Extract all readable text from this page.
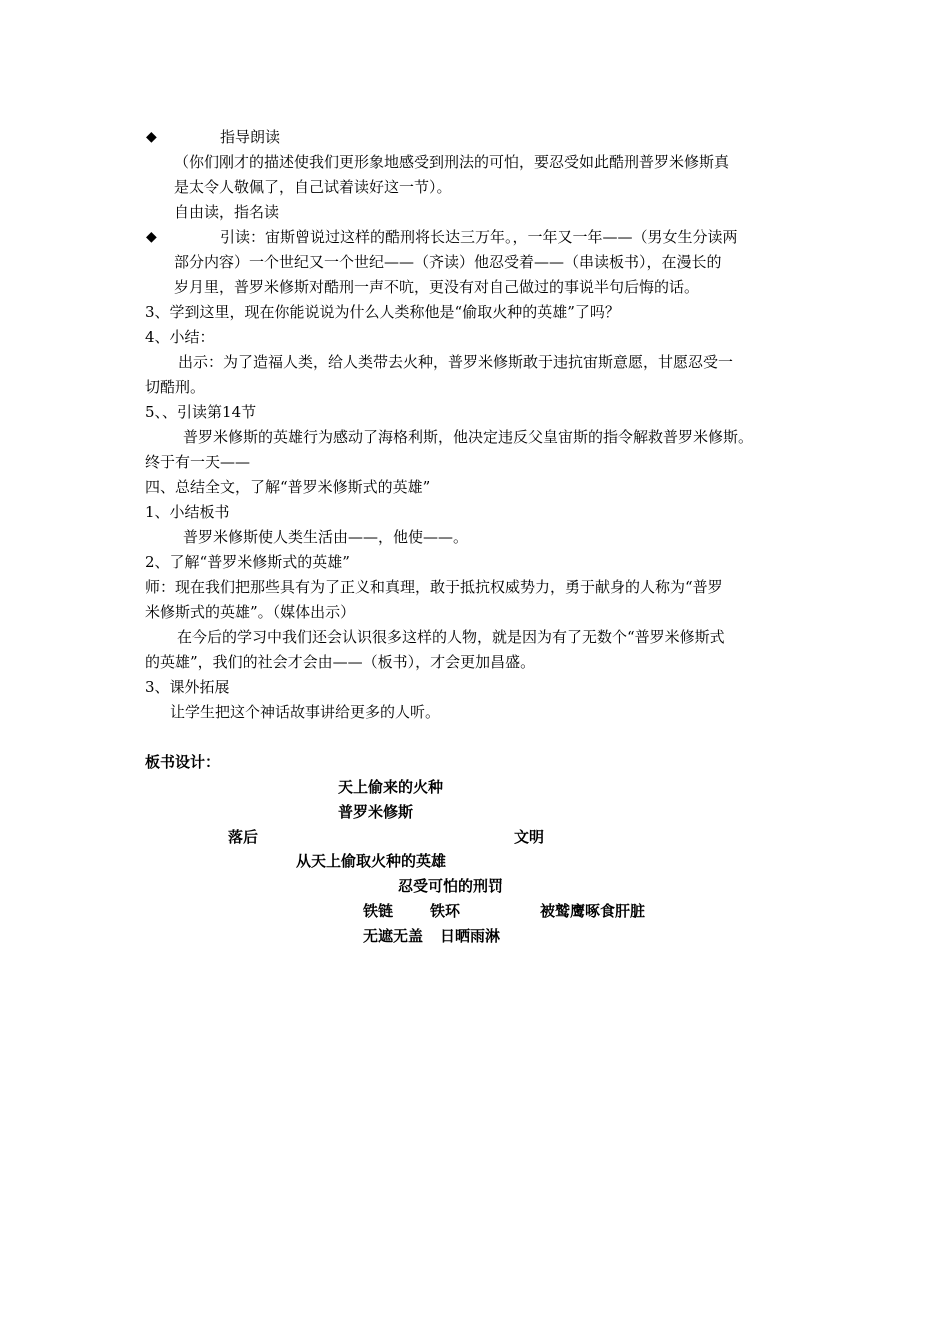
◆	指导朗读
（你们刚才的描述使我们更形象地感受到刑法的可怕，要忍受如此酷刑普罗米修斯真
是太令人敬佩了，自己试着读好这一节）。
自由读，指名读
◆	引读：宙斯曾说过这样的酷刑将长达三万年。，一年又一年——（男女生分读两
部分内容）一个世纪又一个世纪——（齐读）他忍受着——（串读板书），在漫长的
岁月里，普罗米修斯对酷刑一声不吭，更没有对自己做过的事说半句后悔的话。
3、学到这里，现在你能说说为什么人类称他是“偷取火种的英雄”了吗？
4、小结：
出示：为了造福人类，给人类带去火种，普罗米修斯敢于违抗宙斯意愿，甘愿忍受一
切酷刑。
5、、引读第14节
普罗米修斯的英雄行为感动了海格利斯，他决定违反父皇宙斯的指令解救普罗米修斯。
终于有一天——
四、总结全文，了解“普罗米修斯式的英雄”
1、小结板书
普罗米修斯使人类生活由——，他使——。
2、了解“普罗米修斯式的英雄”
师：现在我们把那些具有为了正义和真理，敢于抵抗权威势力，勇于献身的人称为“普罗
米修斯式的英雄”。（媒体出示）
在今后的学习中我们还会认识很多这样的人物，就是因为有了无数个“普罗米修斯式
的英雄”，我们的社会才会由——（板书），才会更加昌盛。
3、课外拓展
让学生把这个神话故事讲给更多的人听。
板书设计：
天上偷来的火种
普罗米修斯
落后	文明
从天上偷取火种的英雄
忍受可怕的刑罚
铁链 铁环	被鹫鹰啄食肝脏
无遮无盖 日晒雨淋
